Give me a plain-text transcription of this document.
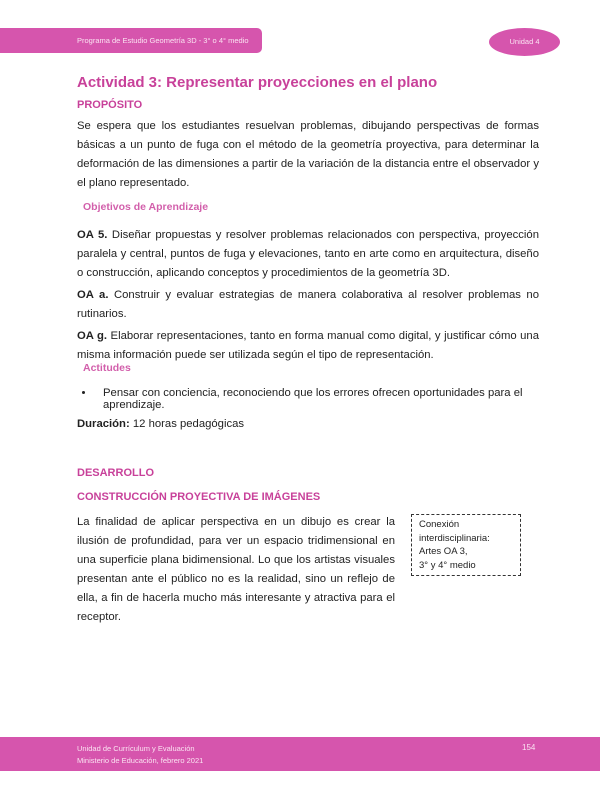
Programa de Estudio Geometría 3D - 3° o 4° medio	Unidad 4
Actividad 3: Representar proyecciones en el plano
PROPÓSITO

Se espera que los estudiantes resuelvan problemas, dibujando perspectivas de formas básicas a un punto de fuga con el método de la geometría proyectiva, para determinar la deformación de las dimensiones a partir de la variación de la distancia entre el observador y el plano representado.

Objetivos de Aprendizaje

OA 5. Diseñar propuestas y resolver problemas relacionados con perspectiva, proyección paralela y central, puntos de fuga y elevaciones, tanto en arte como en arquitectura, diseño o construcción, aplicando conceptos y procedimientos de la geometría 3D.

OA a. Construir y evaluar estrategias de manera colaborativa al resolver problemas no rutinarios.

OA g. Elaborar representaciones, tanto en forma manual como digital, y justificar cómo una misma información puede ser utilizada según el tipo de representación.

Actitudes
• Pensar con conciencia, reconociendo que los errores ofrecen oportunidades para el aprendizaje.

Duración: 12 horas pedagógicas

DESARROLLO
CONSTRUCCIÓN PROYECTIVA DE IMÁGENES

La finalidad de aplicar perspectiva en un dibujo es crear la ilusión de profundidad, para ver un espacio tridimensional en una superficie plana bidimensional. Lo que los artistas visuales presentan ante el público no es la realidad, sino un reflejo de ella, a fin de hacerla mucho más interesante y atractiva para el receptor.

Conexión
interdisciplinaria:
Artes OA 3,
3° y 4° medio
Unidad de Currículum y Evaluación
Ministerio de Educación, febrero 2021
154
